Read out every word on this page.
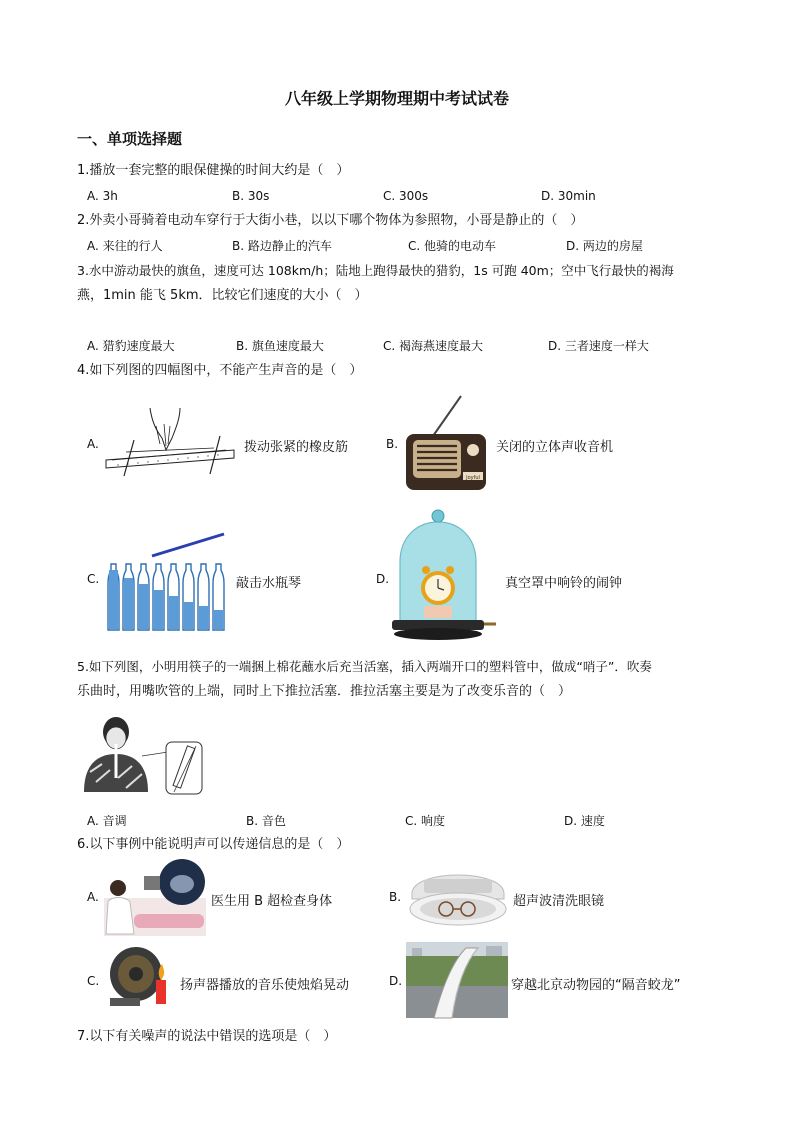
八年级上学期物理期中考试试卷
一、单项选择题
1.播放一套完整的眼保健操的时间大约是（　）
A. 3h	B. 30s	C. 300s	D. 30min
2.外卖小哥骑着电动车穿行于大街小巷，以以下哪个物体为参照物，小哥是静止的（　）
A. 来往的行人	B. 路边静止的汽车	C. 他骑的电动车	D. 两边的房屋
3.水中游动最快的旗鱼，速度可达 108km/h；陆地上跑得最快的猎豹，1s 可跑 40m；空中飞行最快的褐海
燕，1min 能飞 5km．比较它们速度的大小（　）
A. 猎豹速度最大	B. 旗鱼速度最大	C. 褐海燕速度最大	D. 三者速度一样大
4.如下列图的四幅图中，不能产生声音的是（　）
A.	拨动张紧的橡皮筋	B.
Joyful
关闭的立体声收音机
C.	敲击水瓶琴	D.	真空罩中响铃的闹钟
5.如下列图，小明用筷子的一端捆上棉花蘸水后充当活塞，插入两端开口的塑料管中，做成“哨子”．吹奏
乐曲时，用嘴吹管的上端，同时上下推拉活塞．推拉活塞主要是为了改变乐音的（　）
A. 音调	B. 音色	C. 响度	D. 速度
6.以下事例中能说明声可以传递信息的是（　）
A.	医生用 B 超检查身体	B.	超声波清洗眼镜
C.	扬声器播放的音乐使烛焰晃动	D.	穿越北京动物园的“隔音蛟龙”
7.以下有关噪声的说法中错误的选项是（　）
